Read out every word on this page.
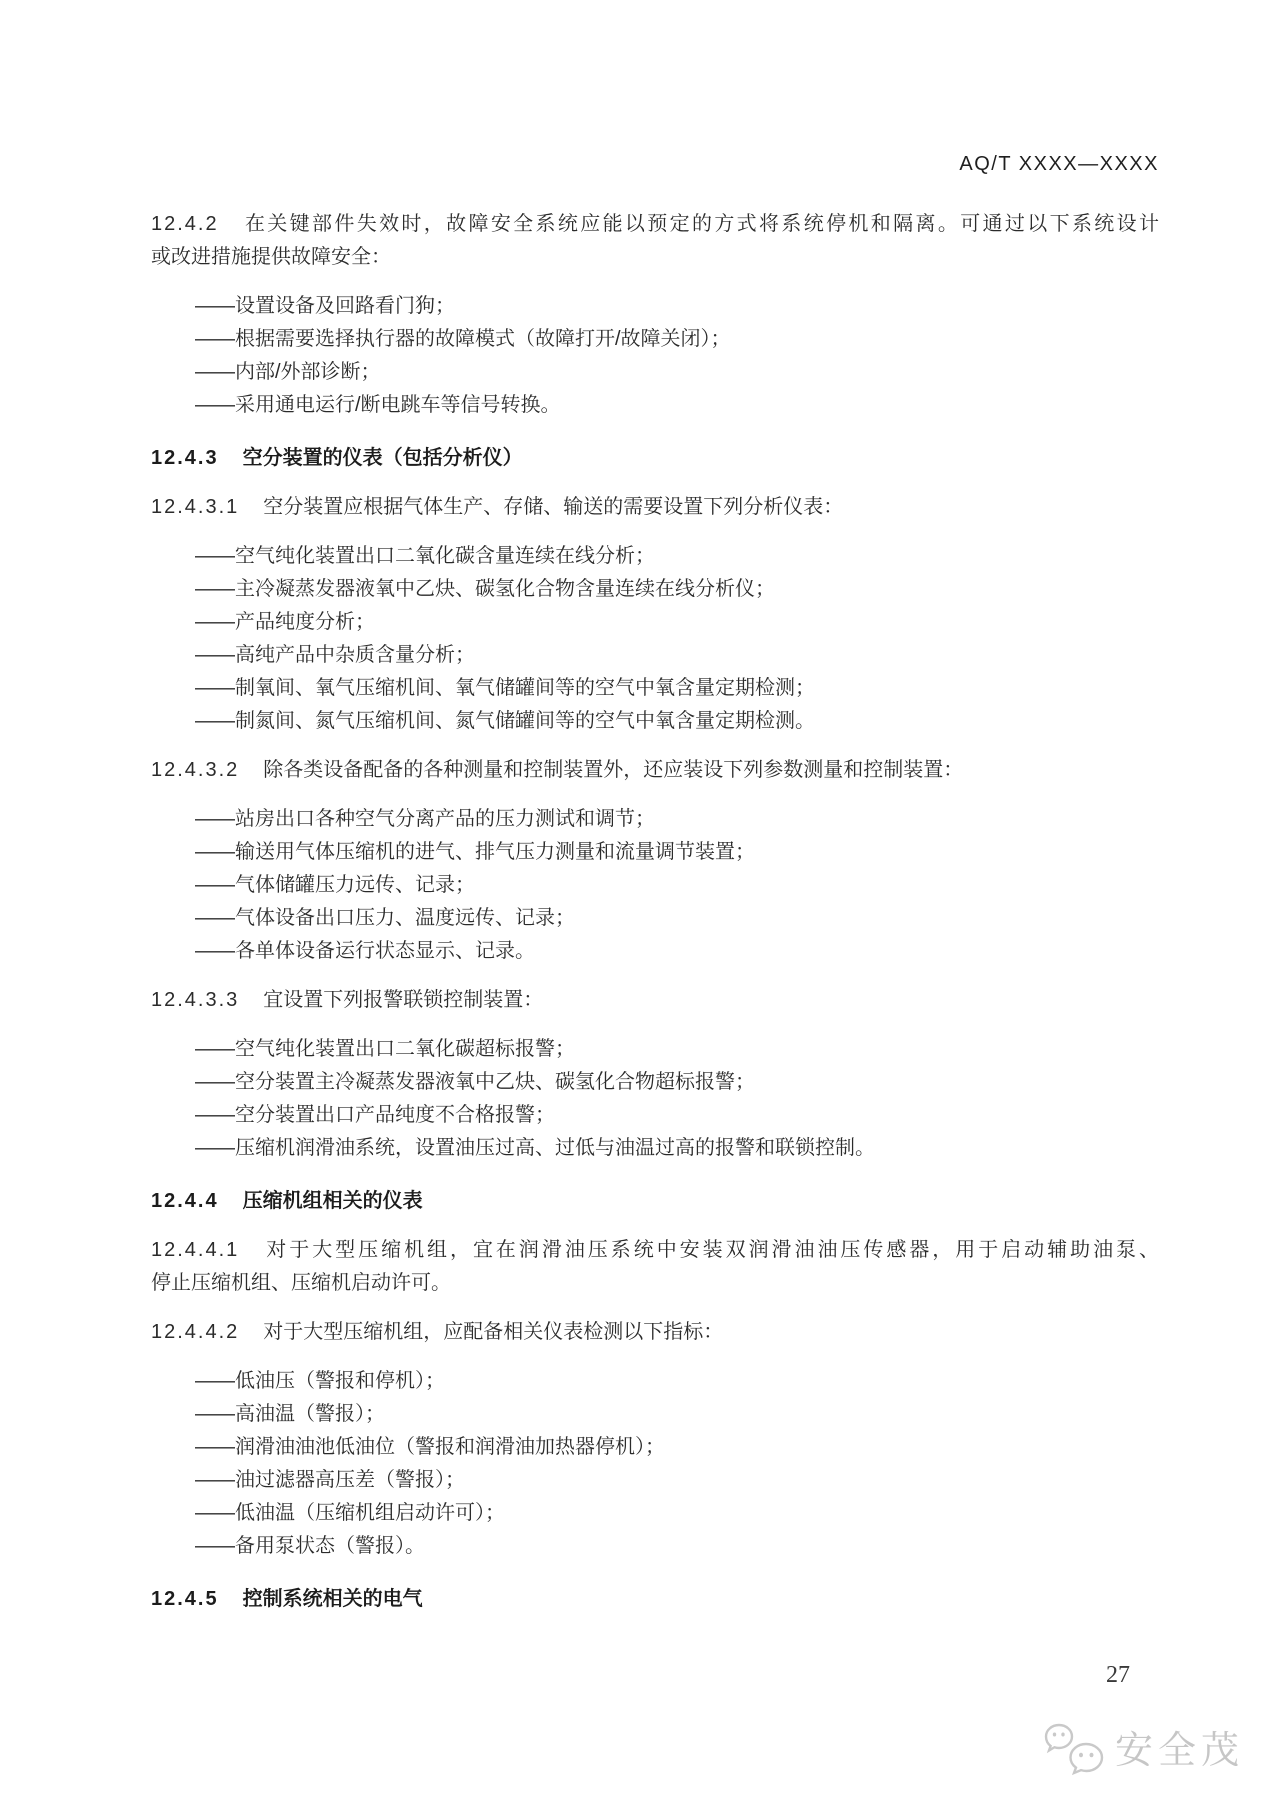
AQ/T XXXX—XXXX
12.4.2 在关键部件失效时，故障安全系统应能以预定的方式将系统停机和隔离。可通过以下系统设计
或改进措施提供故障安全：
——设置设备及回路看门狗；
——根据需要选择执行器的故障模式（故障打开/故障关闭）；
——内部/外部诊断；
——采用通电运行/断电跳车等信号转换。
12.4.3 空分装置的仪表（包括分析仪）
12.4.3.1 空分装置应根据气体生产、存储、输送的需要设置下列分析仪表：
——空气纯化装置出口二氧化碳含量连续在线分析；
——主冷凝蒸发器液氧中乙炔、碳氢化合物含量连续在线分析仪；
——产品纯度分析；
——高纯产品中杂质含量分析；
——制氧间、氧气压缩机间、氧气储罐间等的空气中氧含量定期检测；
——制氮间、氮气压缩机间、氮气储罐间等的空气中氧含量定期检测。
12.4.3.2 除各类设备配备的各种测量和控制装置外，还应装设下列参数测量和控制装置：
——站房出口各种空气分离产品的压力测试和调节；
——输送用气体压缩机的进气、排气压力测量和流量调节装置；
——气体储罐压力远传、记录；
——气体设备出口压力、温度远传、记录；
——各单体设备运行状态显示、记录。
12.4.3.3 宜设置下列报警联锁控制装置：
——空气纯化装置出口二氧化碳超标报警；
——空分装置主冷凝蒸发器液氧中乙炔、碳氢化合物超标报警；
——空分装置出口产品纯度不合格报警；
——压缩机润滑油系统，设置油压过高、过低与油温过高的报警和联锁控制。
12.4.4 压缩机组相关的仪表
12.4.4.1 对于大型压缩机组，宜在润滑油压系统中安装双润滑油油压传感器，用于启动辅助油泵、
停止压缩机组、压缩机启动许可。
12.4.4.2 对于大型压缩机组，应配备相关仪表检测以下指标：
——低油压（警报和停机）；
——高油温（警报）；
——润滑油油池低油位（警报和润滑油加热器停机）；
——油过滤器高压差（警报）；
——低油温（压缩机组启动许可）；
——备用泵状态（警报）。
12.4.5 控制系统相关的电气
27
安全茂
